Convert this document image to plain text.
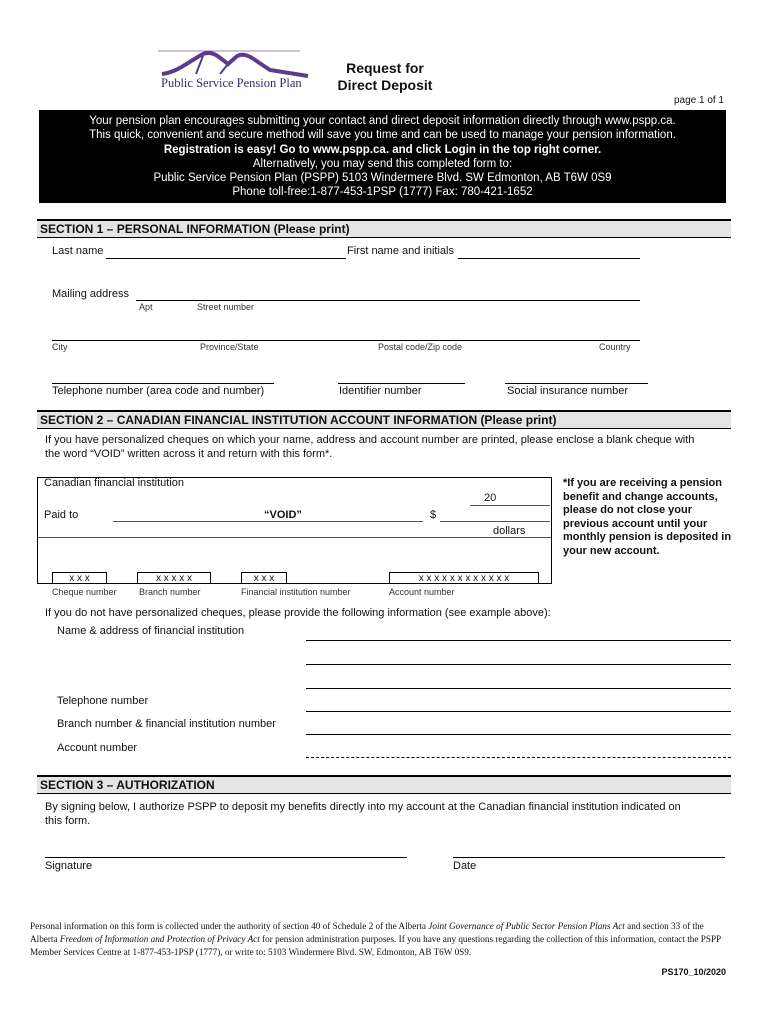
Public Service Pension Plan
Request for
Direct Deposit
page 1 of 1
Your pension plan encourages submitting your contact and direct deposit information directly through www.pspp.ca.
This quick, convenient and secure method will save you time and can be used to manage your pension information.
Registration is easy! Go to www.pspp.ca. and click Login in the top right corner.
Alternatively, you may send this completed form to:
Public Service Pension Plan (PSPP) 5103 Windermere Blvd. SW Edmonton, AB T6W 0S9
Phone toll-free:1-877-453-1PSP (1777) Fax: 780-421-1652
SECTION 1 – PERSONAL INFORMATION (Please print)
Last name	First name and initials
Mailing address
Apt	Street number
City	Province/State	Postal code/Zip code	Country
Telephone number (area code and number)	Identifier number	Social insurance number
SECTION 2 – CANADIAN FINANCIAL INSTITUTION ACCOUNT INFORMATION (Please print)
If you have personalized cheques on which your name, address and account number are printed, please enclose a blank cheque with
the word “VOID” written across it and return with this form*.
Canadian financial institution
20
Paid to	“VOID”	$
dollars
x x x	x x x x x	x x x	x x x x x x x x x x x x
Cheque number Branch number	Financial institution number	Account number
*If you are receiving a pension benefit and change accounts, please do not close your previous account until your monthly pension is deposited in your new account.
If you do not have personalized cheques, please provide the following information (see example above):
Name & address of financial institution
Telephone number
Branch number & financial institution number
Account number
SECTION 3 – AUTHORIZATION
By signing below, I authorize PSPP to deposit my benefits directly into my account at the Canadian financial institution indicated on
this form.
Signature	Date
Personal information on this form is collected under the authority of section 40 of Schedule 2 of the Alberta Joint Governance of Public Sector Pension Plans Act and section 33 of the Alberta Freedom of Information and Protection of Privacy Act for pension administration purposes. If you have any questions regarding the collection of this information, contact the PSPP Member Services Centre at 1-877-453-1PSP (1777), or write to: 5103 Windermere Blvd. SW, Edmonton, AB T6W 0S9.
PS170_10/2020
